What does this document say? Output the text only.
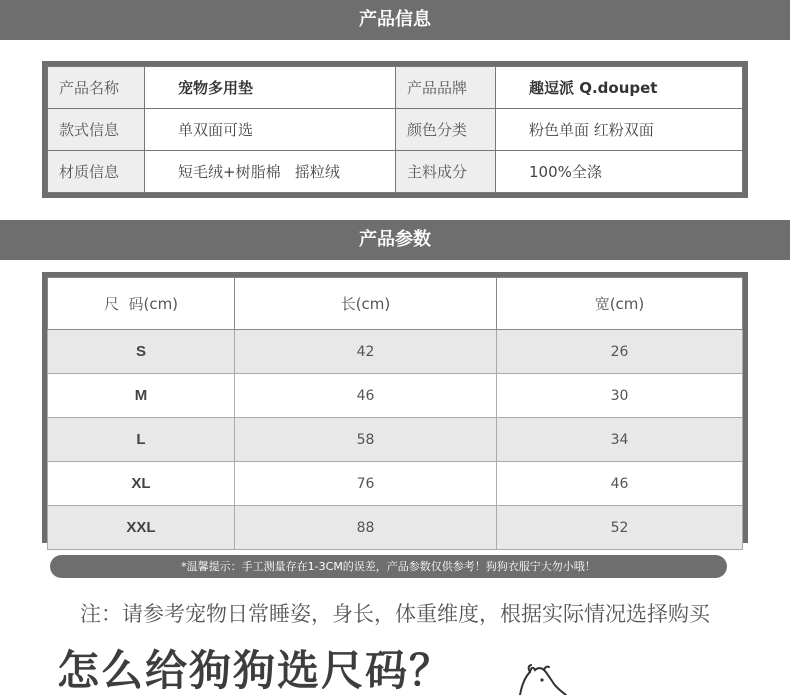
产品信息
产品名称	宠物多用垫	产品品牌	趣逗派 Q.doupet
款式信息	单双面可选	颜色分类	粉色单面 红粉双面
材质信息	短毛绒+树脂棉   摇粒绒	主料成分	100%全涤
产品参数
尺  码(cm)	长(cm)	宽(cm)
S	42	26
M	46	30
L	58	34
XL	76	46
XXL	88	52
*温馨提示：手工测量存在1-3CM的误差，产品参数仅供参考！狗狗衣服宁大勿小哦！
注：请参考宠物日常睡姿，身长，体重维度，根据实际情况选择购买
怎么给狗狗选尺码？
